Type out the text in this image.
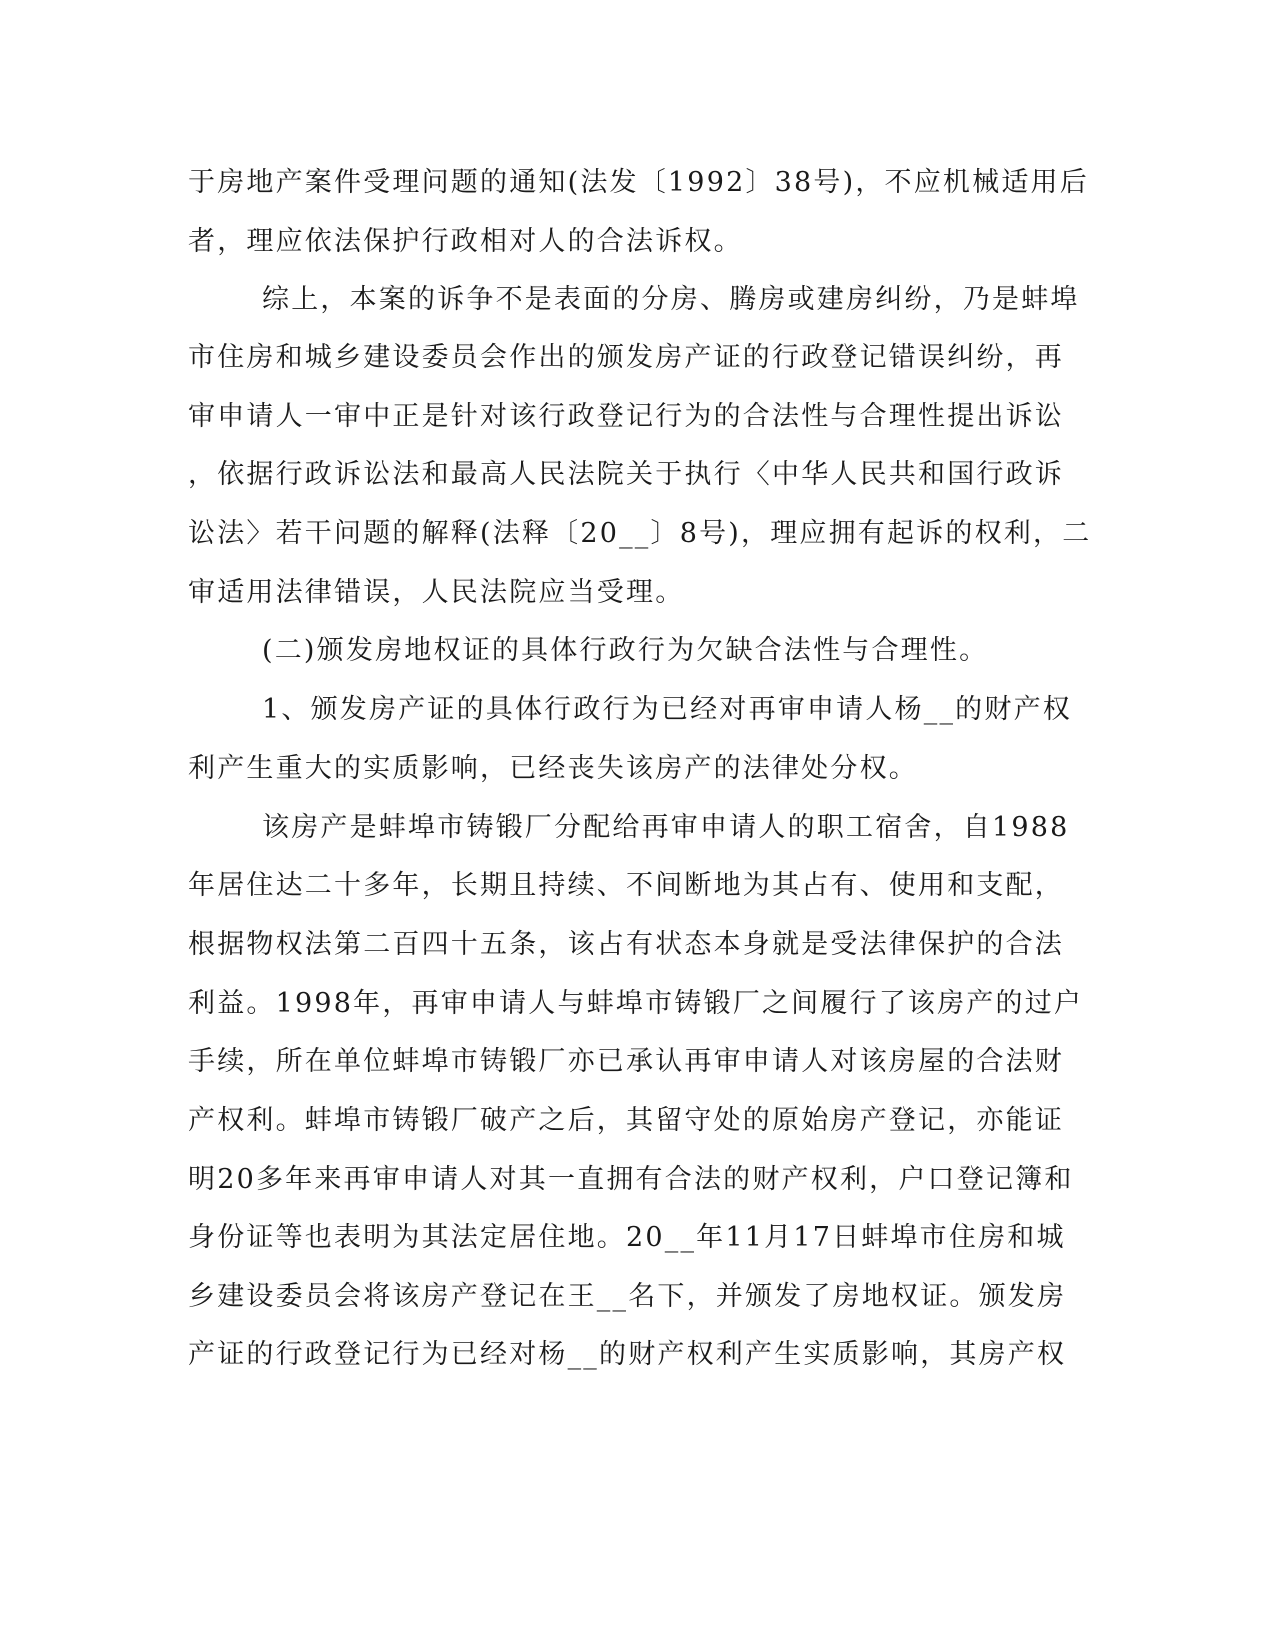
于房地产案件受理问题的通知(法发〔1992〕38号)，不应机械适用后
者，理应依法保护行政相对人的合法诉权。
综上，本案的诉争不是表面的分房、腾房或建房纠纷，乃是蚌埠
市住房和城乡建设委员会作出的颁发房产证的行政登记错误纠纷，再
审申请人一审中正是针对该行政登记行为的合法性与合理性提出诉讼
，依据行政诉讼法和最高人民法院关于执行〈中华人民共和国行政诉
讼法〉若干问题的解释(法释〔20__〕8号)，理应拥有起诉的权利，二
审适用法律错误，人民法院应当受理。
(二)颁发房地权证的具体行政行为欠缺合法性与合理性。
1、颁发房产证的具体行政行为已经对再审申请人杨__的财产权
利产生重大的实质影响，已经丧失该房产的法律处分权。
该房产是蚌埠市铸锻厂分配给再审申请人的职工宿舍，自1988
年居住达二十多年，长期且持续、不间断地为其占有、使用和支配，
根据物权法第二百四十五条，该占有状态本身就是受法律保护的合法
利益。1998年，再审申请人与蚌埠市铸锻厂之间履行了该房产的过户
手续，所在单位蚌埠市铸锻厂亦已承认再审申请人对该房屋的合法财
产权利。蚌埠市铸锻厂破产之后，其留守处的原始房产登记，亦能证
明20多年来再审申请人对其一直拥有合法的财产权利，户口登记簿和
身份证等也表明为其法定居住地。20__年11月17日蚌埠市住房和城
乡建设委员会将该房产登记在王__名下，并颁发了房地权证。颁发房
产证的行政登记行为已经对杨__的财产权利产生实质影响，其房产权
